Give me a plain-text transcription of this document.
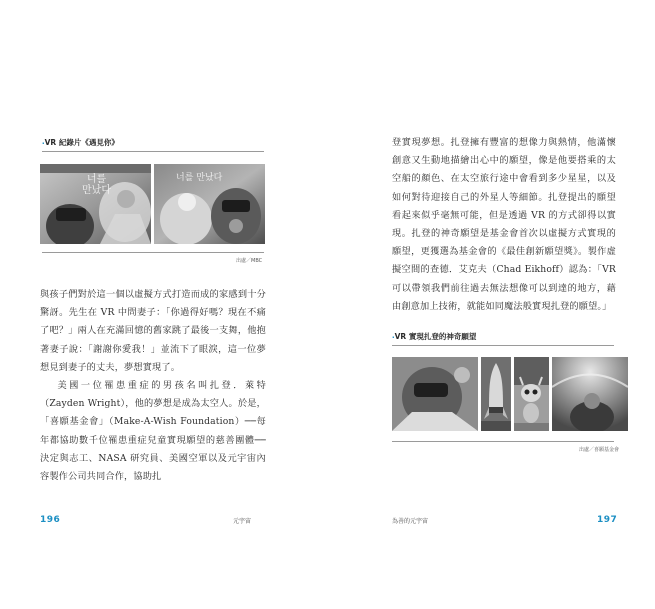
‧VR 紀錄片《遇見你》
너를
만났다
너를 만났다
出處／MBC

與孩子們對於這一個以虛擬方式打造而成的家感到十分驚訝。先生在 VR 中問妻子：「你過得好嗎？現在不痛了吧？」兩人在充滿回憶的舊家跳了最後一支舞，他抱著妻子說：「謝謝你愛我！」並流下了眼淚，這一位夢想見到妻子的丈夫，夢想實現了。

美國一位罹患重症的男孩名叫扎登．萊特（Zayden Wright），他的夢想是成為太空人。於是，「喜願基金會」（Make-A-Wish Foundation）──每年都協助數千位罹患重症兒童實現願望的慈善團體──決定與志工、NASA 研究員、美國空軍以及元宇宙內容製作公司共同合作，協助扎

196	元宇宙

登實現夢想。扎登擁有豐富的想像力與熱情，他滿懷創意又生動地描繪出心中的願望，像是他要搭乘的太空船的顏色、在太空旅行途中會看到多少星星，以及如何對待迎接自己的外星人等細節。扎登提出的願望看起來似乎毫無可能，但是透過 VR 的方式卻得以實現。扎登的神奇願望是基金會首次以虛擬方式實現的願望，更獲選為基金會的《最佳創新願望獎》。製作虛擬空間的查德．艾克夫（Chad Eikhoff）認為：「VR 可以帶領我們前往過去無法想像可以到達的地方，藉由創意加上技術，就能如同魔法般實現扎登的願望。」

‧VR 實現扎登的神奇願望
出處／喜願基金會
為善的元宇宙	197
